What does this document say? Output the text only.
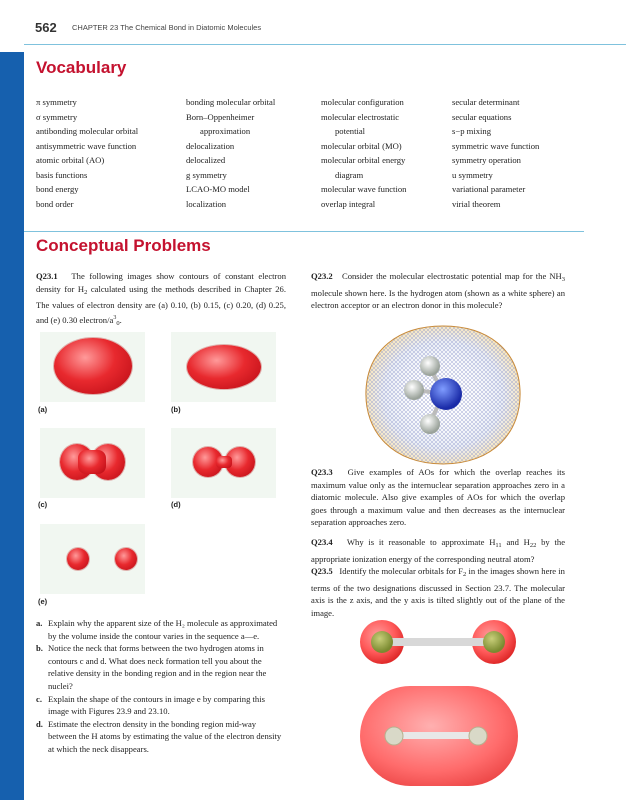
562 CHAPTER 23 The Chemical Bond in Diatomic Molecules
Vocabulary
π symmetry
σ symmetry
antibonding molecular orbital
antisymmetric wave function
atomic orbital (AO)
basis functions
bond energy
bond order
bonding molecular orbital
Born–Oppenheimer
approximation
delocalization
delocalized
g symmetry
LCAO-MO model
localization
molecular configuration
molecular electrostatic
potential
molecular orbital (MO)
molecular orbital energy
diagram
molecular wave function
overlap integral
secular determinant
secular equations
s−p mixing
symmetric wave function
symmetry operation
u symmetry
variational parameter
virial theorem
Conceptual Problems
Q23.1 The following images show contours of constant electron density for $H_2$ calculated using the methods described in Chapter 26. The values of electron density are (a) 0.10, (b) 0.15, (c) 0.20, (d) 0.25, and (e) 0.30 electron/$a^3_0$.
(a)	(b)
(c)	(d)
(e)
a. Explain why the apparent size of the H₂ molecule as approximated by the volume inside the contour varies in the sequence a—e.
b. Notice the neck that forms between the two hydrogen atoms in contours c and d. What does neck formation tell you about the relative density in the bonding region and in the region near the nuclei?
c. Explain the shape of the contours in image e by comparing this image with Figures 23.9 and 23.10.
d. Estimate the electron density in the bonding region mid-way between the H atoms by estimating the value of the electron density at which the neck disappears.
Q23.2 Consider the molecular electrostatic potential map for the $NH_3$ molecule shown here. Is the hydrogen atom (shown as a white sphere) an electron acceptor or an electron donor in this molecule?
Q23.3 Give examples of AOs for which the overlap reaches its maximum value only as the internuclear separation approaches zero in a diatomic molecule. Also give examples of AOs for which the overlap goes through a maximum value and then decreases as the internuclear separation approaches zero.
Q23.4 Why is it reasonable to approximate $H_{11}$ and $H_{22}$ by the appropriate ionization energy of the corresponding neutral atom?
Q23.5 Identify the molecular orbitals for $F_2$ in the images shown here in terms of the two designations discussed in Section 23.7. The molecular axis is the z axis, and the y axis is tilted slightly out of the plane of the image.
